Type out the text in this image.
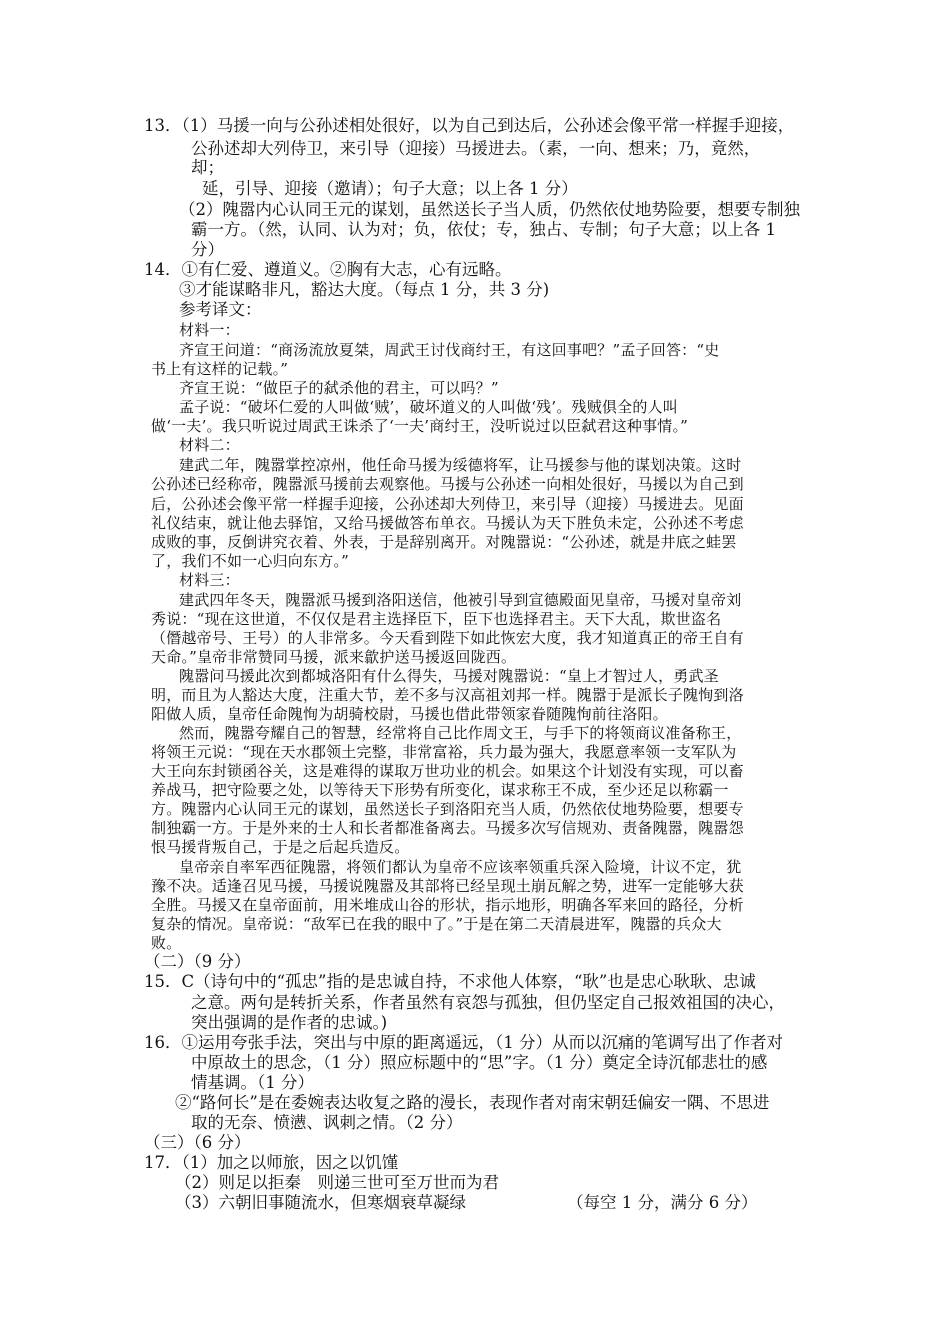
13．（1）马援一向与公孙述相处很好，以为自己到达后，公孙述会像平常一样握手迎接，
公孙述却大列侍卫，来引导（迎接）马援进去。（素，一向、想来；乃，竟然，
却；
延，引导、迎接（邀请）；句子大意；以上各 1 分）
（2）隗嚣内心认同王元的谋划，虽然送长子当人质，仍然依仗地势险要，想要专制独
霸一方。（然，认同、认为对；负，依仗；专，独占、专制；句子大意；以上各 1
分）
14．①有仁爱、遵道义。②胸有大志，心有远略。
③才能谋略非凡，豁达大度。（每点 1 分，共 3 分)
参考译文：
材料一：
齐宣王问道：“商汤流放夏桀，周武王讨伐商纣王，有这回事吧？”孟子回答：“史
书上有这样的记载。”
齐宣王说：“做臣子的弑杀他的君主，可以吗？”
孟子说：“破坏仁爱的人叫做‘贼’，破坏道义的人叫做‘残’。残贼俱全的人叫
做‘一夫’。我只听说过周武王诛杀了‘一夫’商纣王，没听说过以臣弑君这种事情。”
材料二：
建武二年，隗嚣掌控凉州，他任命马援为绥德将军，让马援参与他的谋划决策。这时
公孙述已经称帝，隗嚣派马援前去观察他。马援与公孙述一向相处很好，马援以为自己到
后，公孙述会像平常一样握手迎接，公孙述却大列侍卫，来引导（迎接）马援进去。见面
礼仪结束，就让他去驿馆，又给马援做答布单衣。马援认为天下胜负未定，公孙述不考虑
成败的事，反倒讲究衣着、外表，于是辞别离开。对隗嚣说：“公孙述，就是井底之蛙罢
了，我们不如一心归向东方。”
材料三：
建武四年冬天，隗嚣派马援到洛阳送信，他被引导到宣德殿面见皇帝，马援对皇帝刘
秀说：“现在这世道，不仅仅是君主选择臣下，臣下也选择君主。天下大乱，欺世盗名
（僭越帝号、王号）的人非常多。今天看到陛下如此恢宏大度，我才知道真正的帝王自有
天命。”皇帝非常赞同马援，派来歙护送马援返回陇西。
隗嚣问马援此次到都城洛阳有什么得失，马援对隗嚣说：“皇上才智过人，勇武圣
明，而且为人豁达大度，注重大节，差不多与汉高祖刘邦一样。隗嚣于是派长子隗恂到洛
阳做人质，皇帝任命隗恂为胡骑校尉，马援也借此带领家眷随隗恂前往洛阳。
然而，隗嚣夸耀自己的智慧，经常将自己比作周文王，与手下的将领商议准备称王，
将领王元说：“现在天水郡领土完整，非常富裕，兵力最为强大，我愿意率领一支军队为
大王向东封锁函谷关，这是难得的谋取万世功业的机会。如果这个计划没有实现，可以畜
养战马，把守险要之处，以等待天下形势有所变化，谋求称王不成，至少还足以称霸一
方。隗嚣内心认同王元的谋划，虽然送长子到洛阳充当人质，仍然依仗地势险要，想要专
制独霸一方。于是外来的士人和长者都准备离去。马援多次写信规劝、责备隗嚣，隗嚣怨
恨马援背叛自己，于是之后起兵造反。
皇帝亲自率军西征隗嚣，将领们都认为皇帝不应该率领重兵深入险境，计议不定，犹
豫不决。适逢召见马援，马援说隗嚣及其部将已经呈现土崩瓦解之势，进军一定能够大获
全胜。马援又在皇帝面前，用米堆成山谷的形状，指示地形，明确各军来回的路径，分析
复杂的情况。皇帝说：“敌军已在我的眼中了。”于是在第二天清晨进军，隗嚣的兵众大
败。
（二）（9 分）
15．C（诗句中的“孤忠”指的是忠诚自持，不求他人体察，“耿”也是忠心耿耿、忠诚
之意。两句是转折关系，作者虽然有哀怨与孤独，但仍坚定自己报效祖国的决心，
突出强调的是作者的忠诚。)
16．①运用夸张手法，突出与中原的距离遥远，（1 分）从而以沉痛的笔调写出了作者对
中原故土的思念，（1 分）照应标题中的“思”字。（1 分）奠定全诗沉郁悲壮的感
情基调。（1 分）
②“路何长”是在委婉表达收复之路的漫长，表现作者对南宋朝廷偏安一隅、不思进
取的无奈、愤懑、讽刺之情。（2 分）
（三）（6 分）
17．（1）加之以师旅，因之以饥馑
（2）则足以拒秦　则递三世可至万世而为君
（3）六朝旧事随流水，但寒烟衰草凝绿	（每空 1 分，满分 6 分）
